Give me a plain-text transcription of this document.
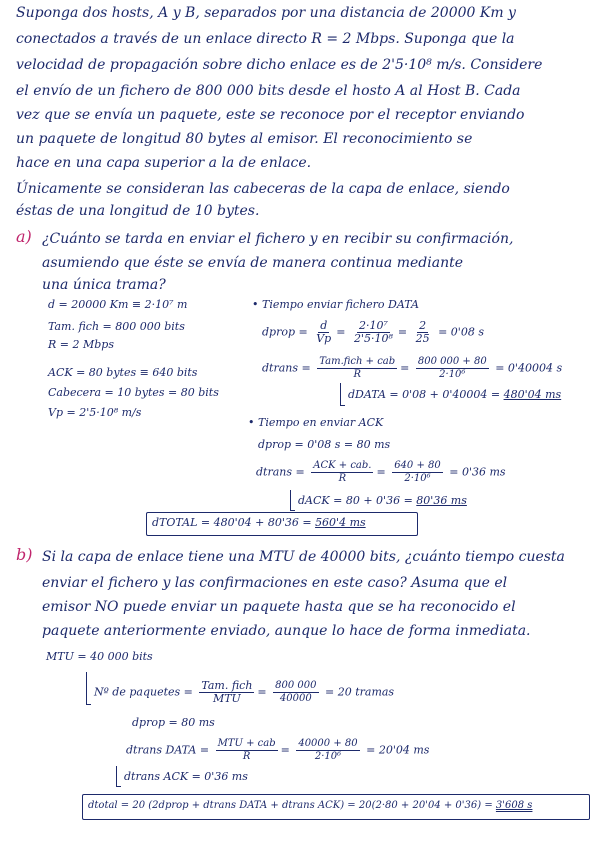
Suponga dos hosts, A y B, separados por una distancia de 20000 Km y
conectados a través de un enlace directo R = 2 Mbps. Suponga que la
velocidad de propagación sobre dicho enlace es de 2'5·10⁸ m/s. Considere
el envío de un fichero de 800 000 bits desde el hosto A al Host B. Cada
vez que se envía un paquete, este se reconoce por el receptor enviando
un paquete de longitud 80 bytes al emisor. El reconocimiento se
hace en una capa superior a la de enlace.
Únicamente se consideran las cabeceras de la capa de enlace, siendo
éstas de una longitud de 10 bytes.
a) ¿Cuánto se tarda en enviar el fichero y en recibir su confirmación,
asumiendo que éste se envía de manera continua mediante
una única trama?
d = 20000 Km ≡ 2·10⁷ m
Tam. fich = 800 000 bits
R = 2 Mbps
ACK = 80 bytes ≡ 640 bits
Cabecera = 10 bytes = 80 bits
Vp = 2'5·10⁸ m/s
• Tiempo enviar fichero DATA
dprop = $\frac{d}{Vp} = \frac{\text{2·10⁷}}{\text{2'5·10⁸}} = \frac{2}{25} = 0'08$ s
dtrans = $\frac{\text{Tam.fich + cab}}{R} = \frac{800 000 + 80}{\text{2·10⁶}} = 0'40004$ s
dDATA = 0'08 + 0'40004 = 480'04 ms
• Tiempo en enviar ACK
dprop = 0'08 s = 80 ms
dtrans = $\frac{\text{ACK + cab.}}{R} = \frac{640 + 80}{\text{2·10⁶}} = 0'36$ ms
dACK = 80 + 0'36 = 80'36 ms
dTOTAL = 480'04 + 80'36 = 560'4 ms
b) Si la capa de enlace tiene una MTU de 40000 bits, ¿cuánto tiempo cuesta
enviar el fichero y las confirmaciones en este caso? Asuma que el
emisor NO puede enviar un paquete hasta que se ha reconocido el
paquete anteriormente enviado, aunque lo hace de forma inmediata.
MTU = 40 000 bits
Nº de paquetes = $\frac{\text{Tam. fich}}{\text{MTU}} = \frac{800 000}{40000} = 20$ tramas
dprop = 80 ms
dtrans DATA = $\frac{\text{MTU + cab}}{R} = \frac{40000 + 80}{\text{2·10⁶}} = 20'04$ ms
dtrans ACK = 0'36 ms
dtotal = 20 (2dprop + dtrans DATA + dtrans ACK) = 20(2·80 + 20'04 + 0'36) = 3'608 s
